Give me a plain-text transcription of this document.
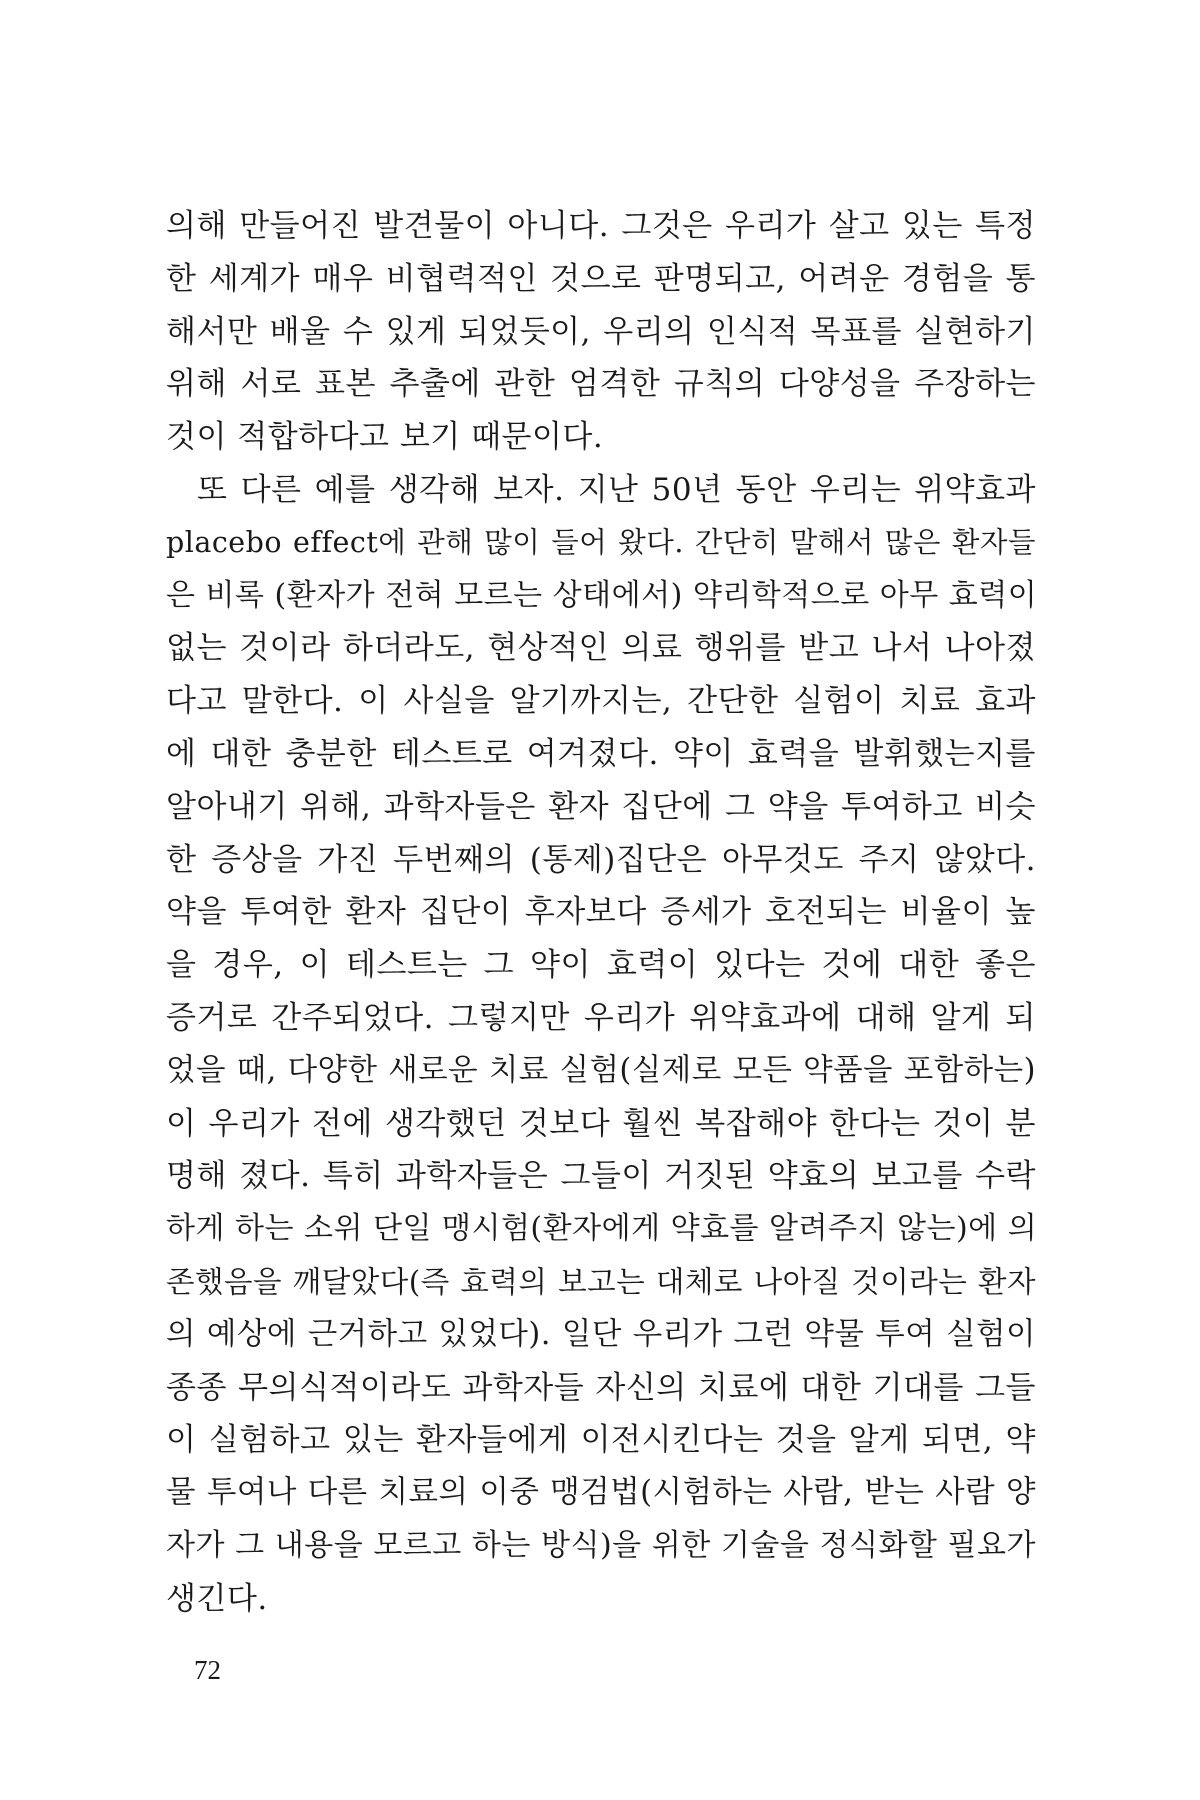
의해 만들어진 발견물이 아니다. 그것은 우리가 살고 있는 특정
한 세계가 매우 비협력적인 것으로 판명되고, 어려운 경험을 통
해서만 배울 수 있게 되었듯이, 우리의 인식적 목표를 실현하기
위해 서로 표본 추출에 관한 엄격한 규칙의 다양성을 주장하는
것이 적합하다고 보기 때문이다.
또 다른 예를 생각해 보자. 지난 50년 동안 우리는 위약효과
placebo effect에 관해 많이 들어 왔다. 간단히 말해서 많은 환자들
은 비록 (환자가 전혀 모르는 상태에서) 약리학적으로 아무 효력이
없는 것이라 하더라도, 현상적인 의료 행위를 받고 나서 나아졌
다고 말한다. 이 사실을 알기까지는, 간단한 실험이 치료 효과
에 대한 충분한 테스트로 여겨졌다. 약이 효력을 발휘했는지를
알아내기 위해, 과학자들은 환자 집단에 그 약을 투여하고 비슷
한 증상을 가진 두번째의 (통제)집단은 아무것도 주지 않았다.
약을 투여한 환자 집단이 후자보다 증세가 호전되는 비율이 높
을 경우, 이 테스트는 그 약이 효력이 있다는 것에 대한 좋은
증거로 간주되었다. 그렇지만 우리가 위약효과에 대해 알게 되
었을 때, 다양한 새로운 치료 실험(실제로 모든 약품을 포함하는)
이 우리가 전에 생각했던 것보다 훨씬 복잡해야 한다는 것이 분
명해 졌다. 특히 과학자들은 그들이 거짓된 약효의 보고를 수락
하게 하는 소위 단일 맹시험(환자에게 약효를 알려주지 않는)에 의
존했음을 깨달았다(즉 효력의 보고는 대체로 나아질 것이라는 환자
의 예상에 근거하고 있었다). 일단 우리가 그런 약물 투여 실험이
종종 무의식적이라도 과학자들 자신의 치료에 대한 기대를 그들
이 실험하고 있는 환자들에게 이전시킨다는 것을 알게 되면, 약
물 투여나 다른 치료의 이중 맹검법(시험하는 사람, 받는 사람 양
자가 그 내용을 모르고 하는 방식)을 위한 기술을 정식화할 필요가
생긴다.
72
